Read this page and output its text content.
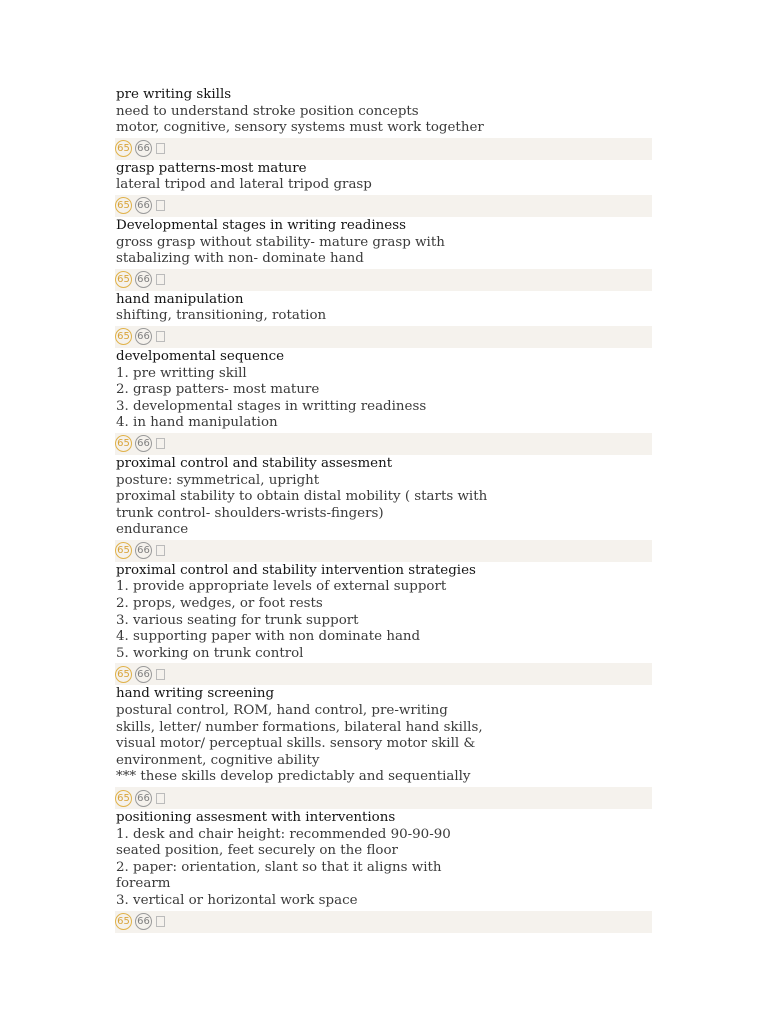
pre writing skills
need to understand stroke position concepts
motor, cognitive, sensory systems must work together
65 66
grasp patterns-most mature
lateral tripod and lateral tripod grasp
65 66
Developmental stages in writing readiness
gross grasp without stability- mature grasp with
stabalizing with non- dominate hand
65 66
hand manipulation
shifting, transitioning, rotation
65 66
develpomental sequence
1. pre writting skill
2. grasp patters- most mature
3. developmental stages in writting readiness
4. in hand manipulation
65 66
proximal control and stability assesment
posture: symmetrical, upright
proximal stability to obtain distal mobility ( starts with
trunk control- shoulders-wrists-fingers)
endurance
65 66
proximal control and stability intervention strategies
1. provide appropriate levels of external support
2. props, wedges, or foot rests
3. various seating for trunk support
4. supporting paper with non dominate hand
5. working on trunk control
65 66
hand writing screening
postural control, ROM, hand control, pre-writing
skills, letter/ number formations, bilateral hand skills,
visual motor/ perceptual skills. sensory motor skill &
environment, cognitive ability
*** these skills develop predictably and sequentially
65 66
positioning assesment with interventions
1. desk and chair height: recommended 90-90-90
seated position, feet securely on the floor
2. paper: orientation, slant so that it aligns with
forearm
3. vertical or horizontal work space
65 66
